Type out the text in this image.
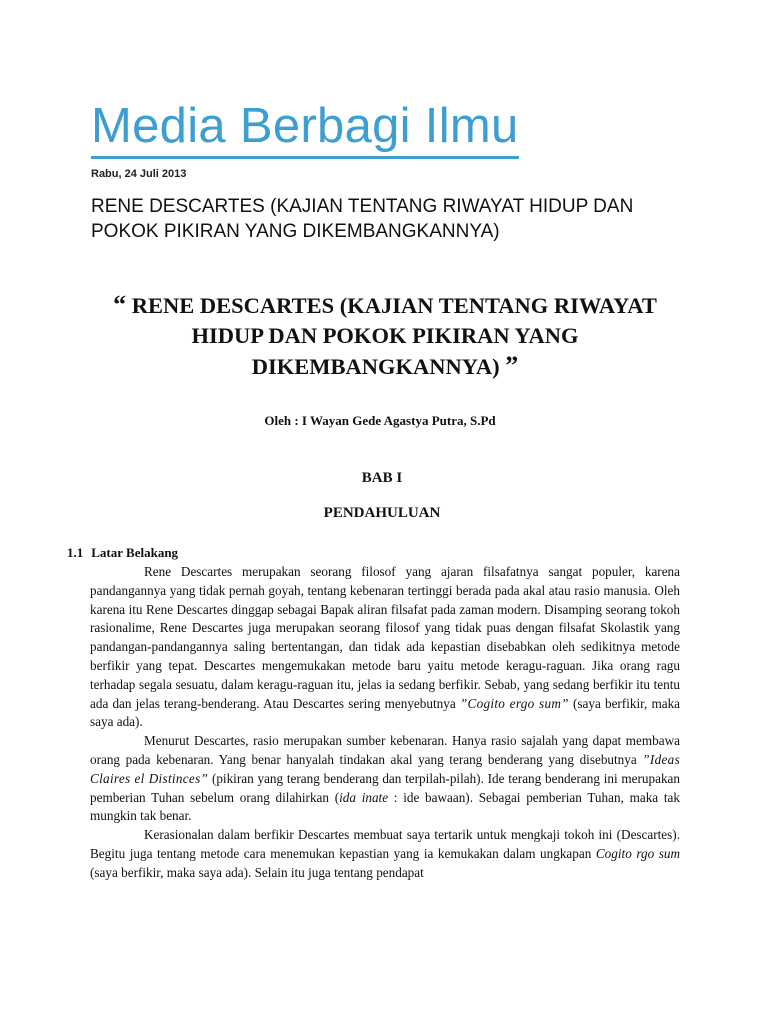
Media Berbagi Ilmu
Rabu, 24 Juli 2013
RENE DESCARTES (KAJIAN TENTANG RIWAYAT HIDUP DAN POKOK PIKIRAN YANG DIKEMBANGKANNYA)
“ RENE DESCARTES (KAJIAN TENTANG RIWAYAT HIDUP DAN POKOK PIKIRAN YANG DIKEMBANGKANNYA) ”
Oleh : I Wayan Gede Agastya Putra, S.Pd
BAB I
PENDAHULUAN
1.1 Latar Belakang

Rene Descartes merupakan seorang filosof yang ajaran filsafatnya sangat populer, karena pandangannya yang tidak pernah goyah, tentang kebenaran tertinggi berada pada akal atau rasio manusia. Oleh karena itu Rene Descartes dinggap sebagai Bapak aliran filsafat pada zaman modern. Disamping seorang tokoh rasionalime, Rene Descartes juga merupakan seorang filosof yang tidak puas dengan filsafat Skolastik yang pandangan-pandangannya saling bertentangan, dan tidak ada kepastian disebabkan oleh sedikitnya metode berfikir yang tepat. Descartes mengemukakan metode baru yaitu metode keragu-raguan. Jika orang ragu terhadap segala sesuatu, dalam keragu-raguan itu, jelas ia sedang berfikir. Sebab, yang sedang berfikir itu tentu ada dan jelas terang-benderang. Atau Descartes sering menyebutnya ”Cogito ergo sum” (saya berfikir, maka saya ada).

Menurut Descartes, rasio merupakan sumber kebenaran. Hanya rasio sajalah yang dapat membawa orang pada kebenaran. Yang benar hanyalah tindakan akal yang terang benderang yang disebutnya ”Ideas Claires el Distinces” (pikiran yang terang benderang dan terpilah-pilah). Ide terang benderang ini merupakan pemberian Tuhan sebelum orang dilahirkan (ida inate : ide bawaan). Sebagai pemberian Tuhan, maka tak mungkin tak benar.

Kerasionalan dalam berfikir Descartes membuat saya tertarik untuk mengkaji tokoh ini (Descartes). Begitu juga tentang metode cara menemukan kepastian yang ia kemukakan dalam ungkapan Cogito rgo sum (saya berfikir, maka saya ada). Selain itu juga tentang pendapat
